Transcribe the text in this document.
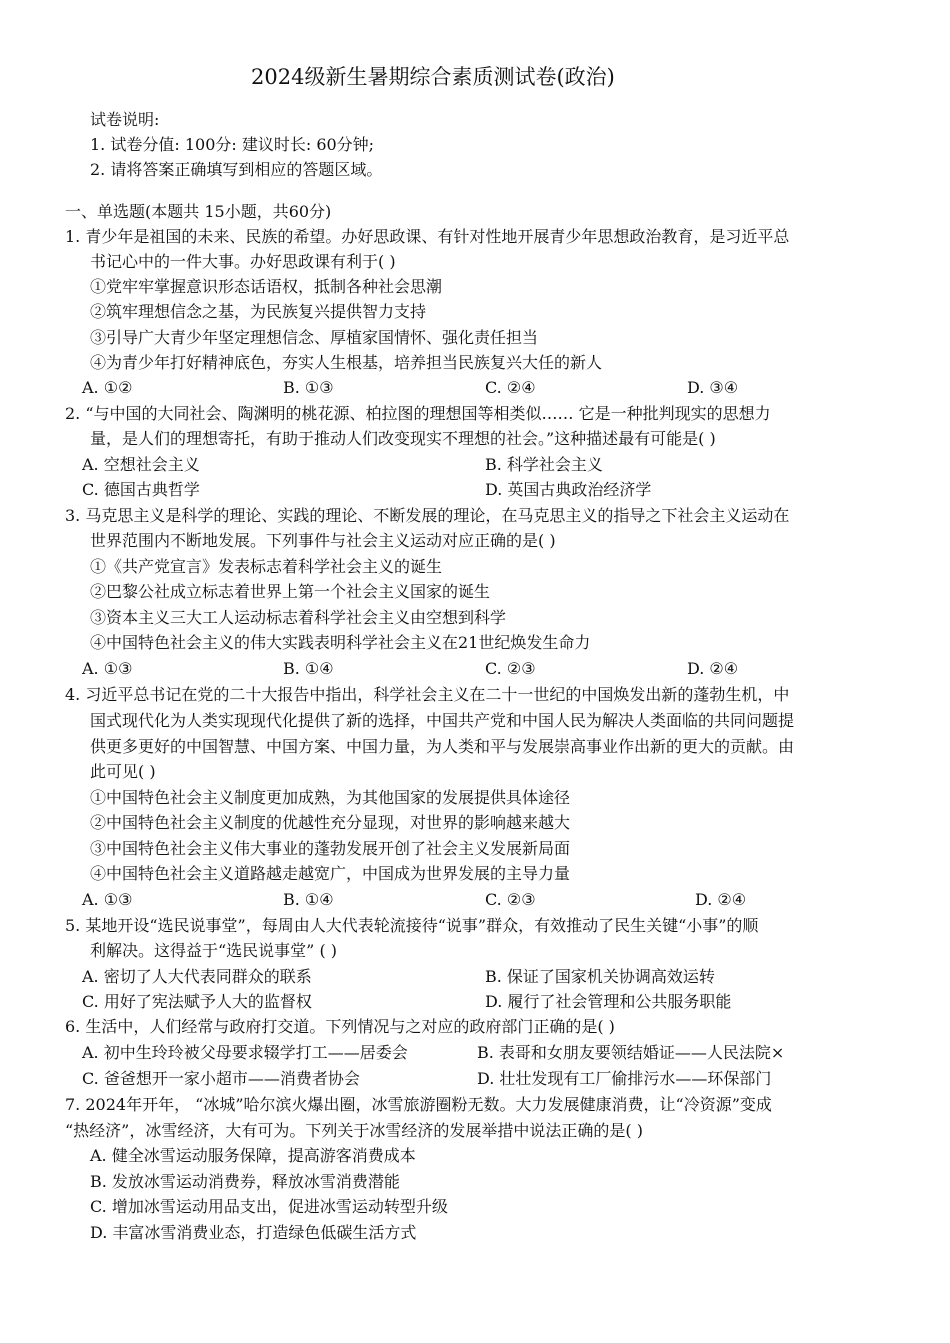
2024级新生暑期综合素质测试卷(政治)
试卷说明:
1. 试卷分值: 100分: 建议时长: 60分钟;
2. 请将答案正确填写到相应的答题区域。
一、单选题(本题共 15小题，共60分)
1. 青少年是祖国的未来、民族的希望。办好思政课、有针对性地开展青少年思想政治教育，是习近平总
书记心中的一件大事。办好思政课有利于( )
①党牢牢掌握意识形态话语权，抵制各种社会思潮
②筑牢理想信念之基，为民族复兴提供智力支持
③引导广大青少年坚定理想信念、厚植家国情怀、强化责任担当
④为青少年打好精神底色，夯实人生根基，培养担当民族复兴大任的新人
A. ①②	B. ①③	C. ②④	D. ③④
2. “与中国的大同社会、陶渊明的桃花源、柏拉图的理想国等相类似…… 它是一种批判现实的思想力
量，是人们的理想寄托，有助于推动人们改变现实不理想的社会。”这种描述最有可能是( )
A. 空想社会主义	B. 科学社会主义
C. 德国古典哲学	D. 英国古典政治经济学
3. 马克思主义是科学的理论、实践的理论、不断发展的理论，在马克思主义的指导之下社会主义运动在
世界范围内不断地发展。下列事件与社会主义运动对应正确的是( )
①《共产党宣言》发表标志着科学社会主义的诞生
②巴黎公社成立标志着世界上第一个社会主义国家的诞生
③资本主义三大工人运动标志着科学社会主义由空想到科学
④中国特色社会主义的伟大实践表明科学社会主义在21世纪焕发生命力
A. ①③	B. ①④	C. ②③	D. ②④
4. 习近平总书记在党的二十大报告中指出，科学社会主义在二十一世纪的中国焕发出新的蓬勃生机，中
国式现代化为人类实现现代化提供了新的选择，中国共产党和中国人民为解决人类面临的共同问题提
供更多更好的中国智慧、中国方案、中国力量，为人类和平与发展崇高事业作出新的更大的贡献。由
此可见( )
①中国特色社会主义制度更加成熟，为其他国家的发展提供具体途径
②中国特色社会主义制度的优越性充分显现，对世界的影响越来越大
③中国特色社会主义伟大事业的蓬勃发展开创了社会主义发展新局面
④中国特色社会主义道路越走越宽广，中国成为世界发展的主导力量
A. ①③	B. ①④	C. ②③	D. ②④
5. 某地开设“选民说事堂”，每周由人大代表轮流接待“说事”群众，有效推动了民生关键“小事”的顺
利解决。这得益于“选民说事堂” ( )
A. 密切了人大代表同群众的联系	B. 保证了国家机关协调高效运转
C. 用好了宪法赋予人大的监督权	D. 履行了社会管理和公共服务职能
6. 生活中，人们经常与政府打交道。下列情况与之对应的政府部门正确的是( )
A. 初中生玲玲被父母要求辍学打工——居委会	B. 表哥和女朋友要领结婚证——人民法院×
C. 爸爸想开一家小超市——消费者协会	D. 壮壮发现有工厂偷排污水——环保部门
7. 2024年开年， “冰城”哈尔滨火爆出圈，冰雪旅游圈粉无数。大力发展健康消费，让“冷资源”变成
“热经济”，冰雪经济，大有可为。下列关于冰雪经济的发展举措中说法正确的是( )
A. 健全冰雪运动服务保障，提高游客消费成本
B. 发放冰雪运动消费券，释放冰雪消费潜能
C. 增加冰雪运动用品支出，促进冰雪运动转型升级
D. 丰富冰雪消费业态，打造绿色低碳生活方式
